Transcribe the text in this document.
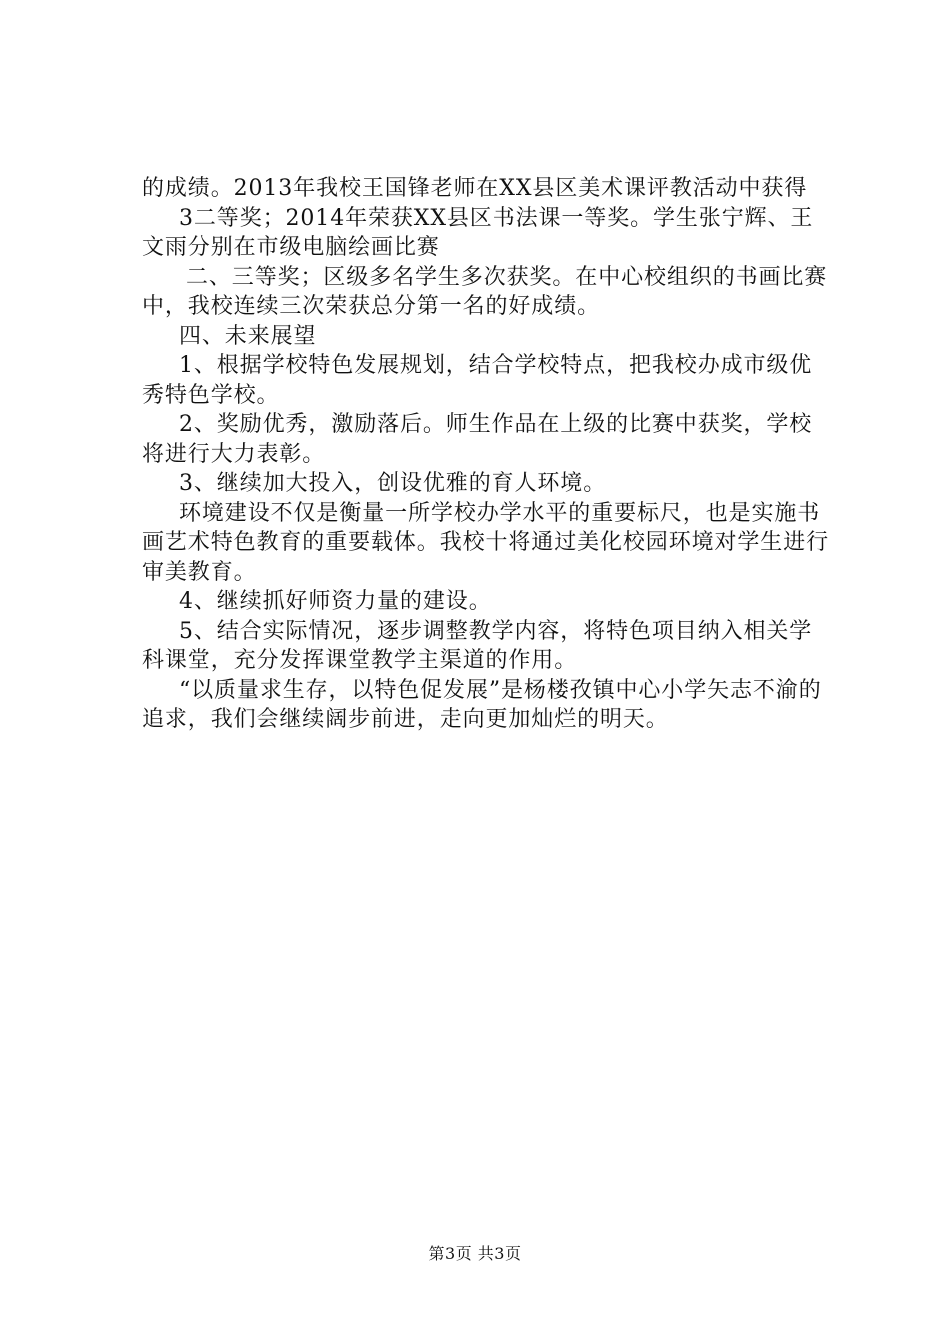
的成绩。2013年我校王国锋老师在XX县区美术课评教活动中获得

3二等奖；2014年荣获XX县区书法课一等奖。学生张宁辉、王文雨分别在市级电脑绘画比赛

二、三等奖；区级多名学生多次获奖。在中心校组织的书画比赛中，我校连续三次荣获总分第一名的好成绩。

四、未来展望

1、根据学校特色发展规划，结合学校特点，把我校办成市级优秀特色学校。

2、奖励优秀，激励落后。师生作品在上级的比赛中获奖，学校将进行大力表彰。

3、继续加大投入，创设优雅的育人环境。

环境建设不仅是衡量一所学校办学水平的重要标尺，也是实施书画艺术特色教育的重要载体。我校十将通过美化校园环境对学生进行审美教育。

4、继续抓好师资力量的建设。

5、结合实际情况，逐步调整教学内容，将特色项目纳入相关学科课堂，充分发挥课堂教学主渠道的作用。

“以质量求生存，以特色促发展”是杨楼孜镇中心小学矢志不渝的追求，我们会继续阔步前进，走向更加灿烂的明天。

第3页 共3页
